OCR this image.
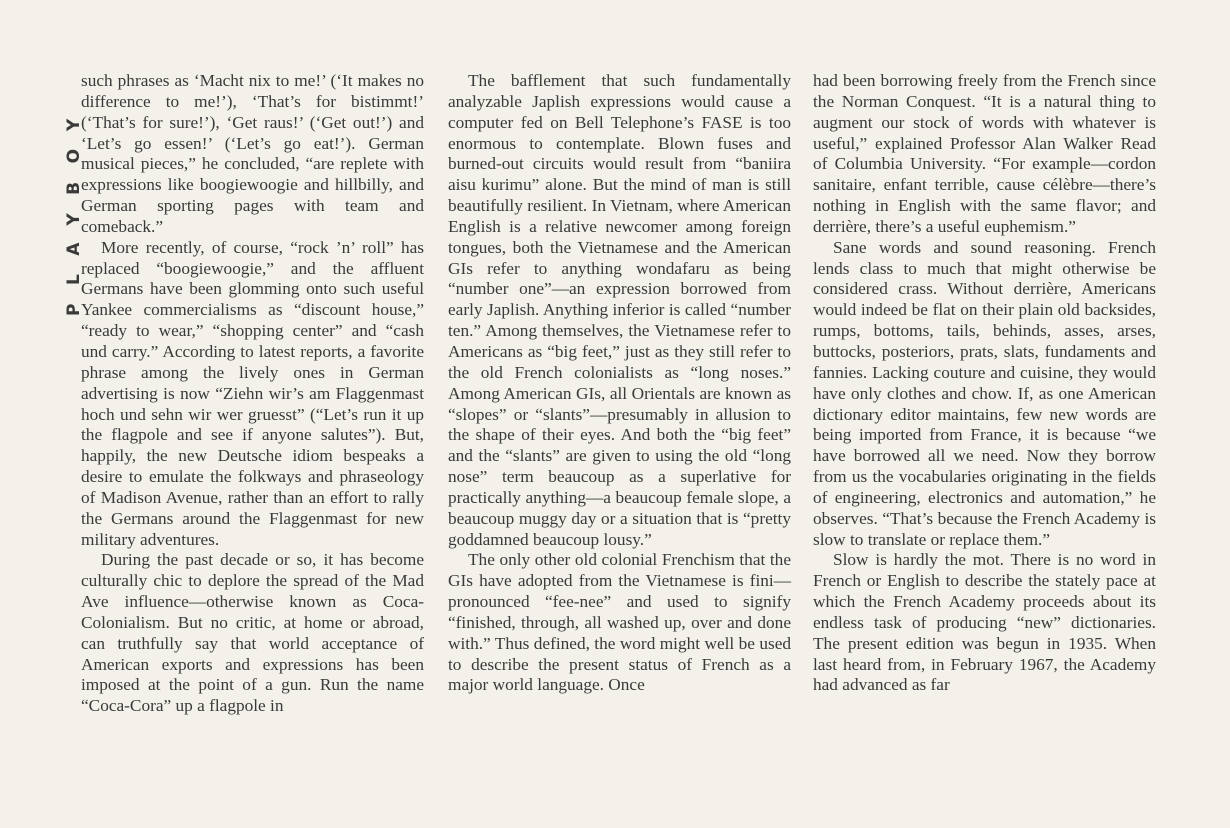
PLAYBOY

such phrases as ‘Macht nix to me!’ (‘It makes no difference to me!’), ‘That’s for bistimmt!’ (‘That’s for sure!’), ‘Get raus!’ (‘Get out!’) and ‘Let’s go essen!’ (‘Let’s go eat!’). German musical pieces,” he concluded, “are replete with expressions like boogiewoogie and hillbilly, and German sporting pages with team and comeback.”

More recently, of course, “rock ’n’ roll” has replaced “boogiewoogie,” and the affluent Germans have been glomming onto such useful Yankee commercialisms as “discount house,” “ready to wear,” “shopping center” and “cash und carry.” According to latest reports, a favorite phrase among the lively ones in German advertising is now “Ziehn wir’s am Flaggenmast hoch und sehn wir wer gruesst” (“Let’s run it up the flagpole and see if anyone salutes”). But, happily, the new Deutsche idiom bespeaks a desire to emulate the folkways and phraseology of Madison Avenue, rather than an effort to rally the Germans around the Flaggenmast for new military adventures.

During the past decade or so, it has become culturally chic to deplore the spread of the Mad Ave influence—otherwise known as Coca-Colonialism. But no critic, at home or abroad, can truthfully say that world acceptance of American exports and expressions has been imposed at the point of a gun. Run the name “Coca-Cora” up a flagpole in

The bafflement that such fundamentally analyzable Japlish expressions would cause a computer fed on Bell Telephone’s FASE is too enormous to contemplate. Blown fuses and burned-out circuits would result from “baniira aisu kurimu” alone. But the mind of man is still beautifully resilient. In Vietnam, where American English is a relative newcomer among foreign tongues, both the Vietnamese and the American GIs refer to anything wondafaru as being “number one”—an expression borrowed from early Japlish. Anything inferior is called “number ten.” Among themselves, the Vietnamese refer to Americans as “big feet,” just as they still refer to the old French colonialists as “long noses.” Among American GIs, all Orientals are known as “slopes” or “slants”—presumably in allusion to the shape of their eyes. And both the “big feet” and the “slants” are given to using the old “long nose” term beaucoup as a superlative for practically anything—a beaucoup female slope, a beaucoup muggy day or a situation that is “pretty goddamned beaucoup lousy.”

The only other old colonial Frenchism that the GIs have adopted from the Vietnamese is fini—pronounced “fee-nee” and used to signify “finished, through, all washed up, over and done with.” Thus defined, the word might well be used to describe the present status of French as a major world language. Once

had been borrowing freely from the French since the Norman Conquest. “It is a natural thing to augment our stock of words with whatever is useful,” explained Professor Alan Walker Read of Columbia University. “For example—cordon sanitaire, enfant terrible, cause célèbre—there’s nothing in English with the same flavor; and derrière, there’s a useful euphemism.”

Sane words and sound reasoning. French lends class to much that might otherwise be considered crass. Without derrière, Americans would indeed be flat on their plain old backsides, rumps, bottoms, tails, behinds, asses, arses, buttocks, posteriors, prats, slats, fundaments and fannies. Lacking couture and cuisine, they would have only clothes and chow. If, as one American dictionary editor maintains, few new words are being imported from France, it is because “we have borrowed all we need. Now they borrow from us the vocabularies originating in the fields of engineering, electronics and automation,” he observes. “That’s because the French Academy is slow to translate or replace them.”

Slow is hardly the mot. There is no word in French or English to describe the stately pace at which the French Academy proceeds about its endless task of producing “new” dictionaries. The present edition was begun in 1935. When last heard from, in February 1967, the Academy had advanced as far
